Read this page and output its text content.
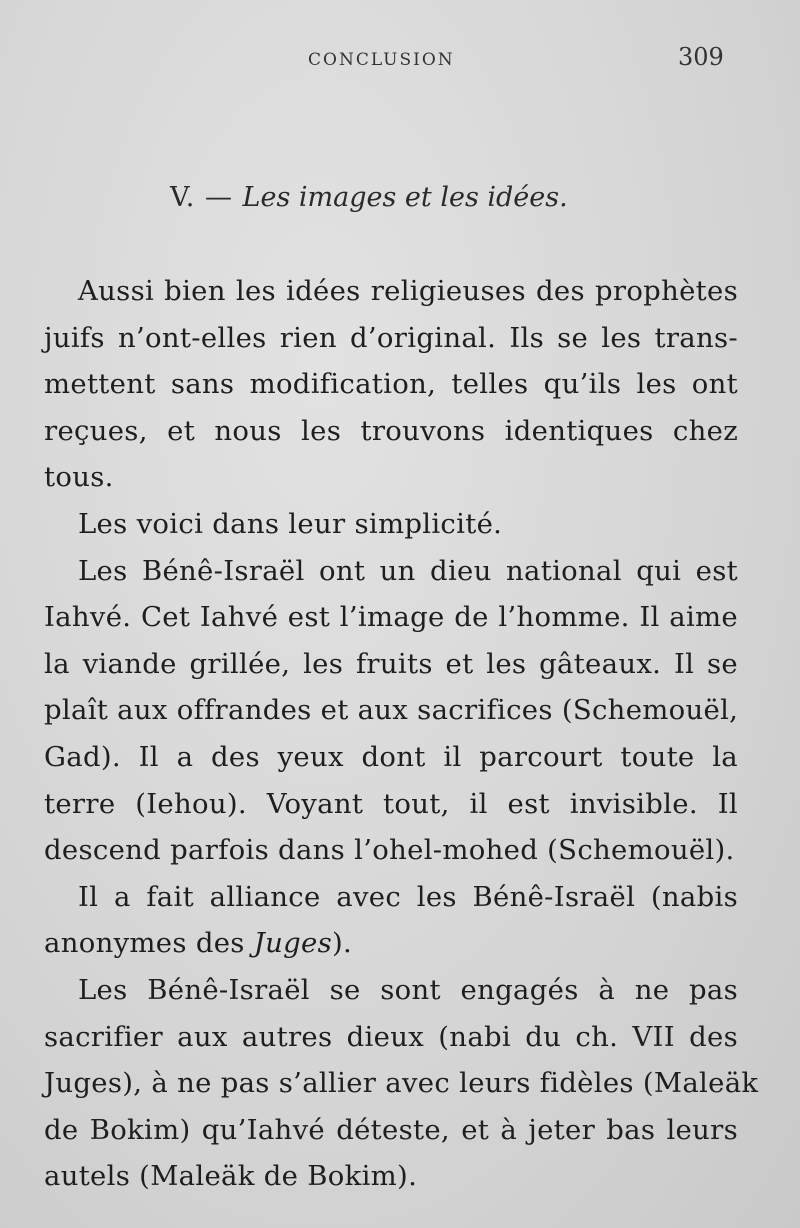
CONCLUSION	309
V. — Les images et les idées.
Aussi bien les idées religieuses des prophètes
juifs n’ont-elles rien d’original. Ils se les trans-
mettent sans modification, telles qu’ils les ont
reçues, et nous les trouvons identiques chez
tous.
Les voici dans leur simplicité.
Les Bénê-Israël ont un dieu national qui est
Iahvé. Cet Iahvé est l’image de l’homme. Il aime
la viande grillée, les fruits et les gâteaux. Il se
plaît aux offrandes et aux sacrifices (Schemouël,
Gad). Il a des yeux dont il parcourt toute la
terre (Iehou). Voyant tout, il est invisible. Il
descend parfois dans l’ohel-mohed (Schemouël).
Il a fait alliance avec les Bénê-Israël (nabis
anonymes des Juges).
Les Bénê-Israël se sont engagés à ne pas
sacrifier aux autres dieux (nabi du ch. VII des
Juges), à ne pas s’allier avec leurs fidèles (Maleäk
de Bokim) qu’Iahvé déteste, et à jeter bas leurs
autels (Maleäk de Bokim).
